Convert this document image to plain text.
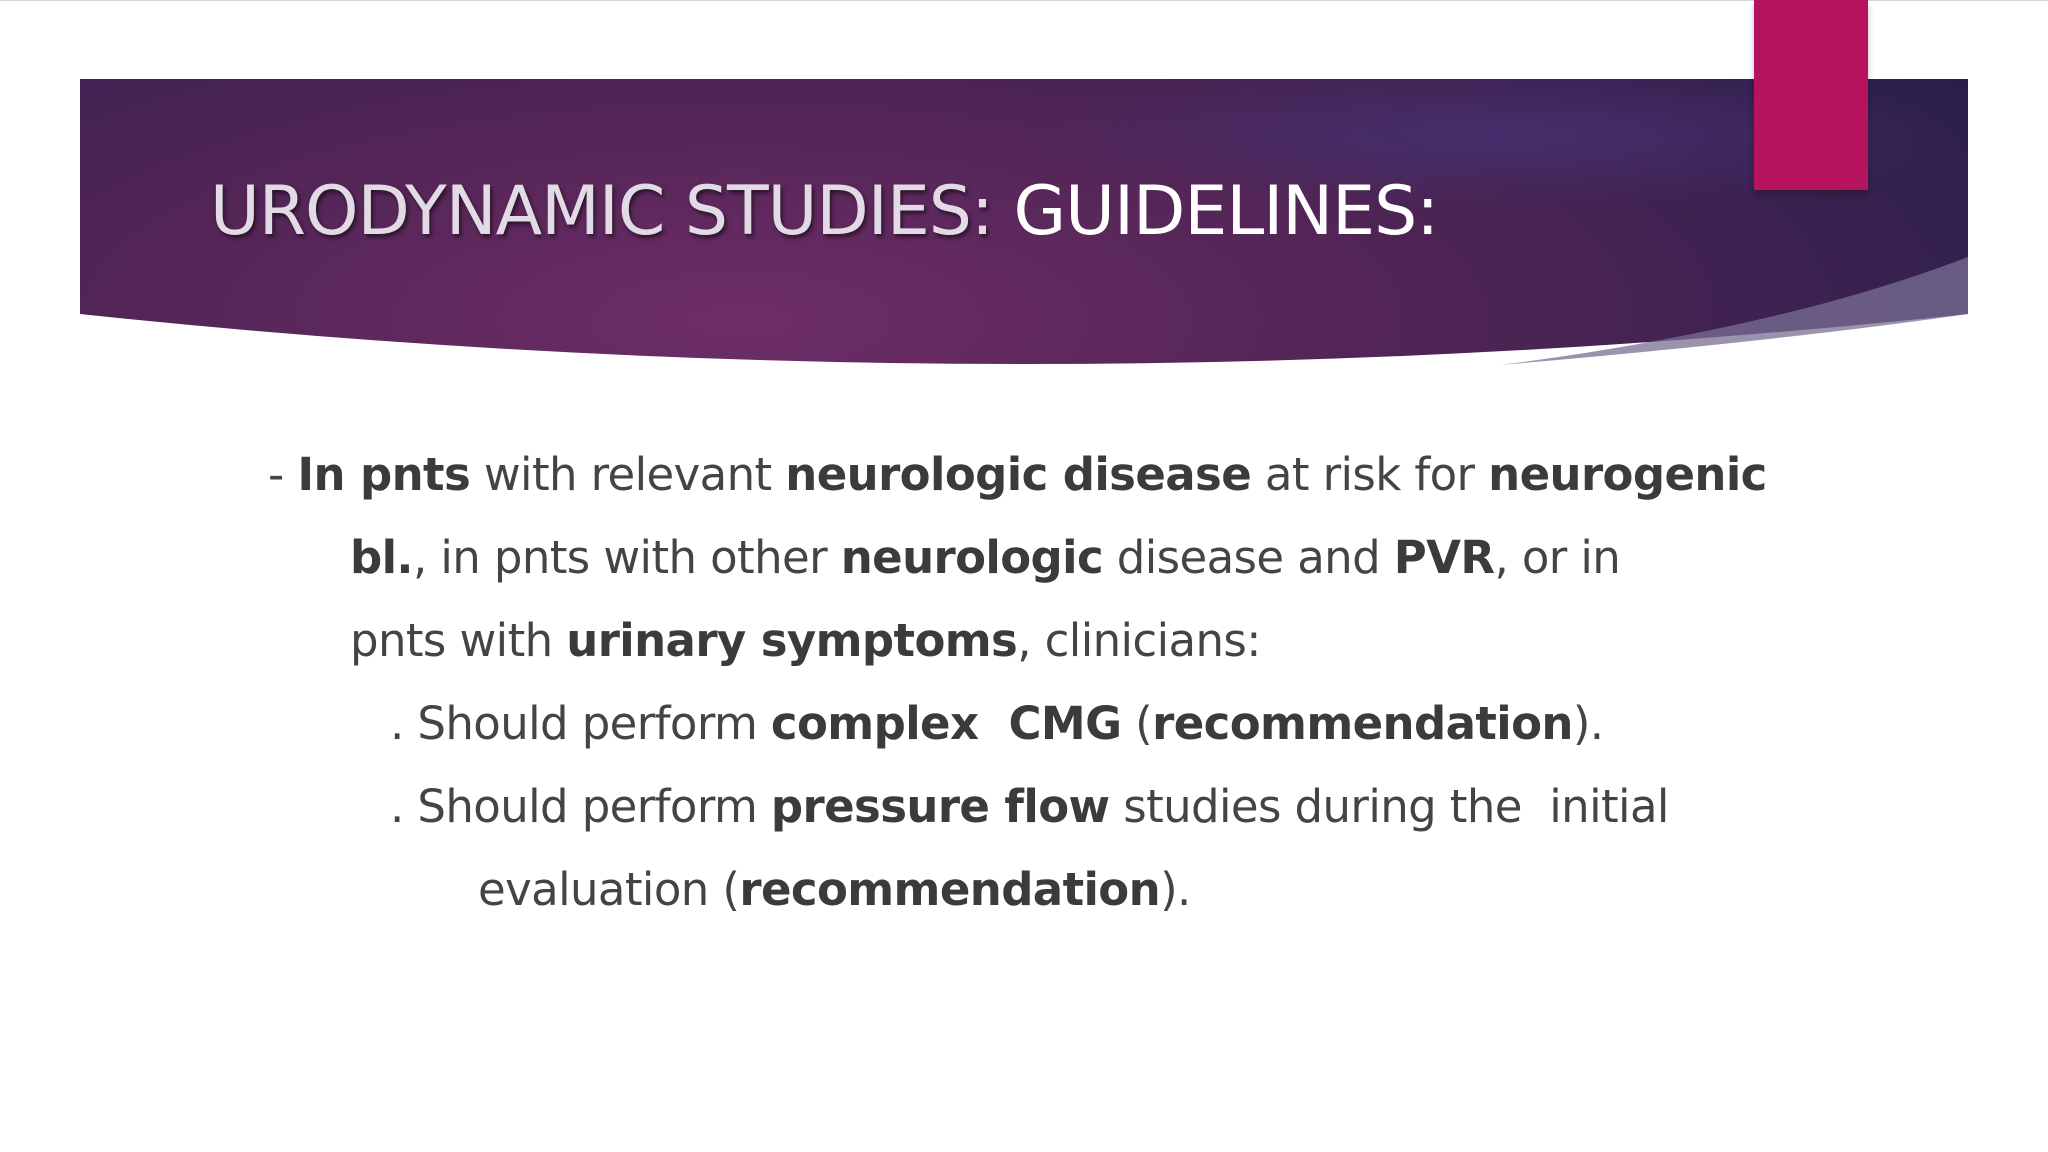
URODYNAMIC STUDIES: GUIDELINES:
- In pnts with relevant neurologic disease at risk for neurogenic
bl., in pnts with other neurologic disease and PVR, or in
pnts with urinary symptoms, clinicians:
. Should perform complex  CMG (recommendation).
. Should perform pressure flow studies during the  initial
evaluation (recommendation).
